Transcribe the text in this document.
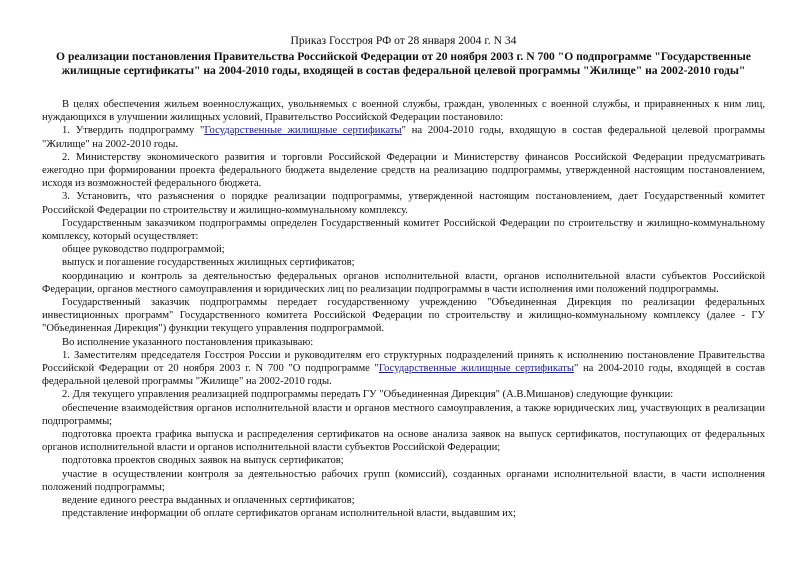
Приказ Госстроя РФ от 28 января 2004 г. N 34
О реализации постановления Правительства Российской Федерации от 20 ноября 2003 г. N 700 "О подпрограмме "Государственные жилищные сертификаты" на 2004-2010 годы, входящей в состав федеральной целевой программы "Жилище" на 2002-2010 годы"

В целях обеспечения жильем военнослужащих, увольняемых с военной службы, граждан, уволенных с военной службы, и приравненных к ним лиц, нуждающихся в улучшении жилищных условий, Правительство Российской Федерации постановило:

1. Утвердить подпрограмму "Государственные жилищные сертификаты" на 2004-2010 годы, входящую в состав федеральной целевой программы "Жилище" на 2002-2010 годы.

2. Министерству экономического развития и торговли Российской Федерации и Министерству финансов Российской Федерации предусматривать ежегодно при формировании проекта федерального бюджета выделение средств на реализацию подпрограммы, утвержденной настоящим постановлением, исходя из возможностей федерального бюджета.

3. Установить, что разъяснения о порядке реализации подпрограммы, утвержденной настоящим постановлением, дает Государственный комитет Российской Федерации по строительству и жилищно-коммунальному комплексу.

Государственным заказчиком подпрограммы определен Государственный комитет Российской Федерации по строительству и жилищно-коммунальному комплексу, который осуществляет:

общее руководство подпрограммой;

выпуск и погашение государственных жилищных сертификатов;

координацию и контроль за деятельностью федеральных органов исполнительной власти, органов исполнительной власти субъектов Российской Федерации, органов местного самоуправления и юридических лиц по реализации подпрограммы в части исполнения ими положений подпрограммы.

Государственный заказчик подпрограммы передает государственному учреждению "Объединенная Дирекция по реализации федеральных инвестиционных программ" Государственного комитета Российской Федерации по строительству и жилищно-коммунальному комплексу (далее - ГУ "Объединенная Дирекция") функции текущего управления подпрограммой.

Во исполнение указанного постановления приказываю:

1. Заместителям председателя Госстроя России и руководителям его структурных подразделений принять к исполнению постановление Правительства Российской Федерации от 20 ноября 2003 г. N 700 "О подпрограмме "Государственные жилищные сертификаты" на 2004-2010 годы, входящей в состав федеральной целевой программы "Жилище" на 2002-2010 годы.

2. Для текущего управления реализацией подпрограммы передать ГУ "Объединенная Дирекция" (А.В.Мишанов) следующие функции:

обеспечение взаимодействия органов исполнительной власти и органов местного самоуправления, а также юридических лиц, участвующих в реализации подпрограммы;

подготовка проекта графика выпуска и распределения сертификатов на основе анализа заявок на выпуск сертификатов, поступающих от федеральных органов исполнительной власти и органов исполнительной власти субъектов Российской Федерации;

подготовка проектов сводных заявок на выпуск сертификатов;

участие в осуществлении контроля за деятельностью рабочих групп (комиссий), созданных органами исполнительной власти, в части исполнения положений подпрограммы;

ведение единого реестра выданных и оплаченных сертификатов;

представление информации об оплате сертификатов органам исполнительной власти, выдавшим их;
